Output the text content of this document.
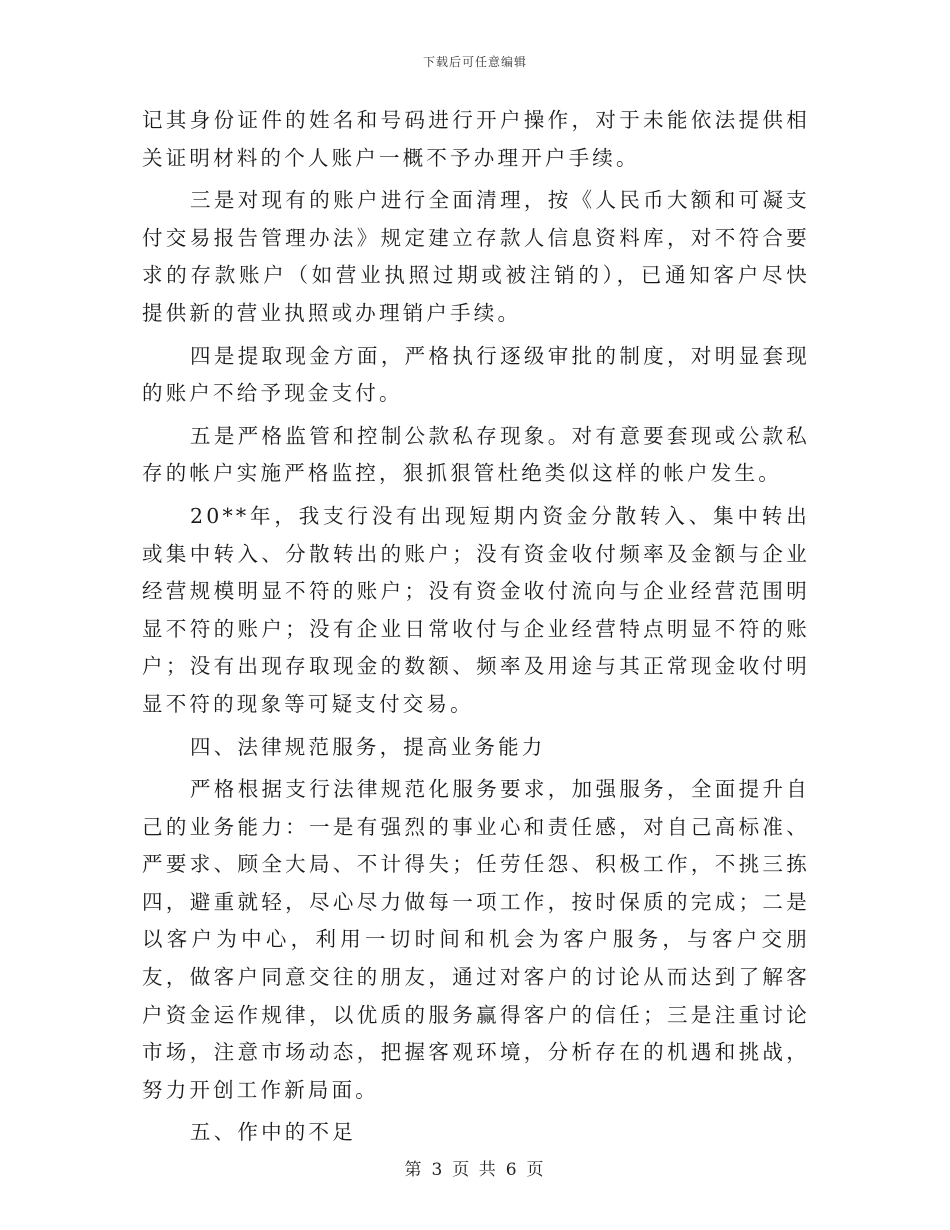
下载后可任意编辑

记其身份证件的姓名和号码进行开户操作，对于未能依法提供相关证明材料的个人账户一概不予办理开户手续。

三是对现有的账户进行全面清理，按《人民币大额和可凝支付交易报告管理办法》规定建立存款人信息资料库，对不符合要求的存款账户（如营业执照过期或被注销的），已通知客户尽快提供新的营业执照或办理销户手续。

四是提取现金方面，严格执行逐级审批的制度，对明显套现的账户不给予现金支付。

五是严格监管和控制公款私存现象。对有意要套现或公款私存的帐户实施严格监控，狠抓狠管杜绝类似这样的帐户发生。

20**年，我支行没有出现短期内资金分散转入、集中转出或集中转入、分散转出的账户；没有资金收付频率及金额与企业经营规模明显不符的账户；没有资金收付流向与企业经营范围明显不符的账户；没有企业日常收付与企业经营特点明显不符的账户；没有出现存取现金的数额、频率及用途与其正常现金收付明显不符的现象等可疑支付交易。

四、法律规范服务，提高业务能力

严格根据支行法律规范化服务要求，加强服务，全面提升自己的业务能力：一是有强烈的事业心和责任感，对自己高标准、严要求、顾全大局、不计得失；任劳任怨、积极工作，不挑三拣四，避重就轻，尽心尽力做每一项工作，按时保质的完成；二是以客户为中心，利用一切时间和机会为客户服务，与客户交朋友，做客户同意交往的朋友，通过对客户的讨论从而达到了解客户资金运作规律，以优质的服务赢得客户的信任；三是注重讨论市场，注意市场动态，把握客观环境，分析存在的机遇和挑战，努力开创工作新局面。

五、作中的不足

第 3 页 共 6 页
